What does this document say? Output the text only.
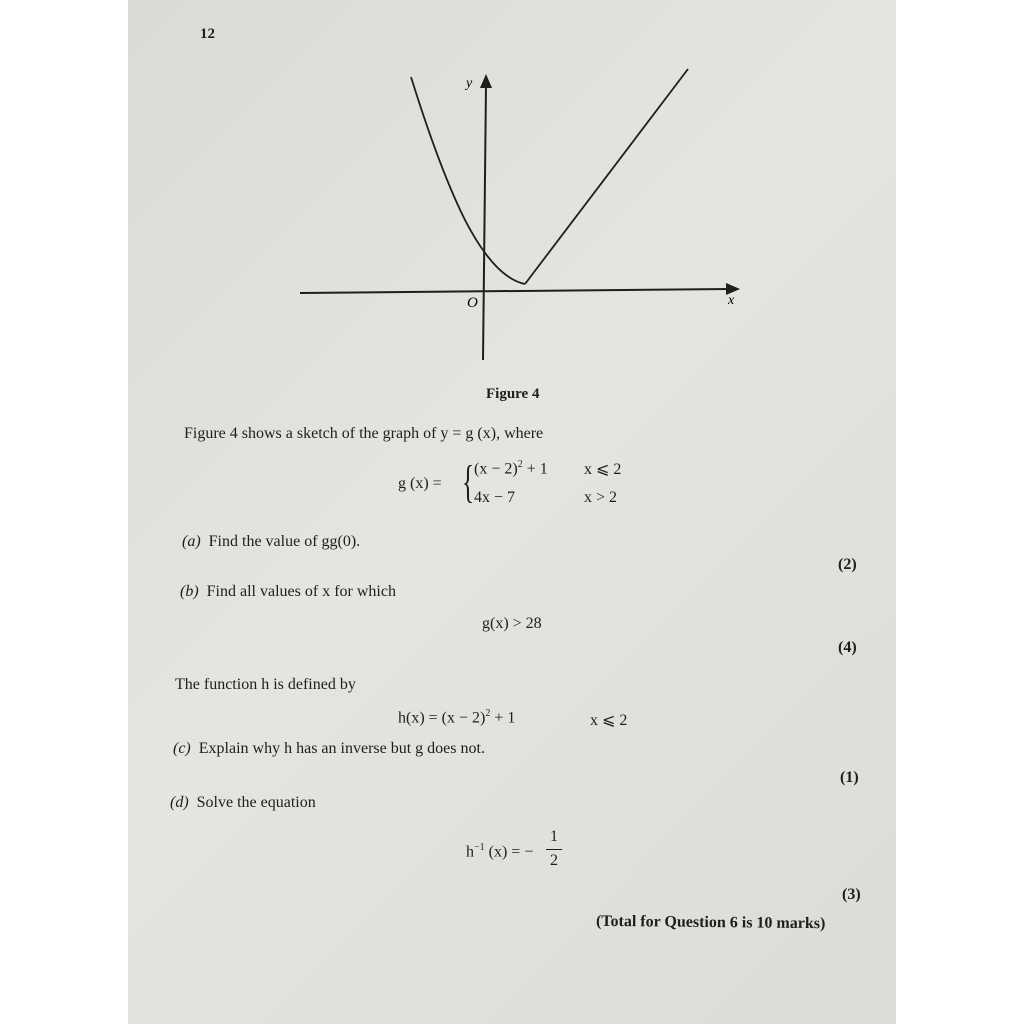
12
y
x
O
Figure 4
Figure 4 shows a sketch of the graph of y = g (x), where
g (x) = { $(x - 2)^2 + 1$ x ⩽ 2
4x − 7	x > 2
(a) Find the value of gg(0).
(2)
(b) Find all values of x for which
g(x) > 28
(4)
The function h is defined by
$h(x) = (x - 2)^2 + 1$	x ⩽ 2
(c) Explain why h has an inverse but g does not.
(1)
(d) Solve the equation
$h^{-1}$ (x) = −
1
2
(3)
(Total for Question 6 is 10 marks)
